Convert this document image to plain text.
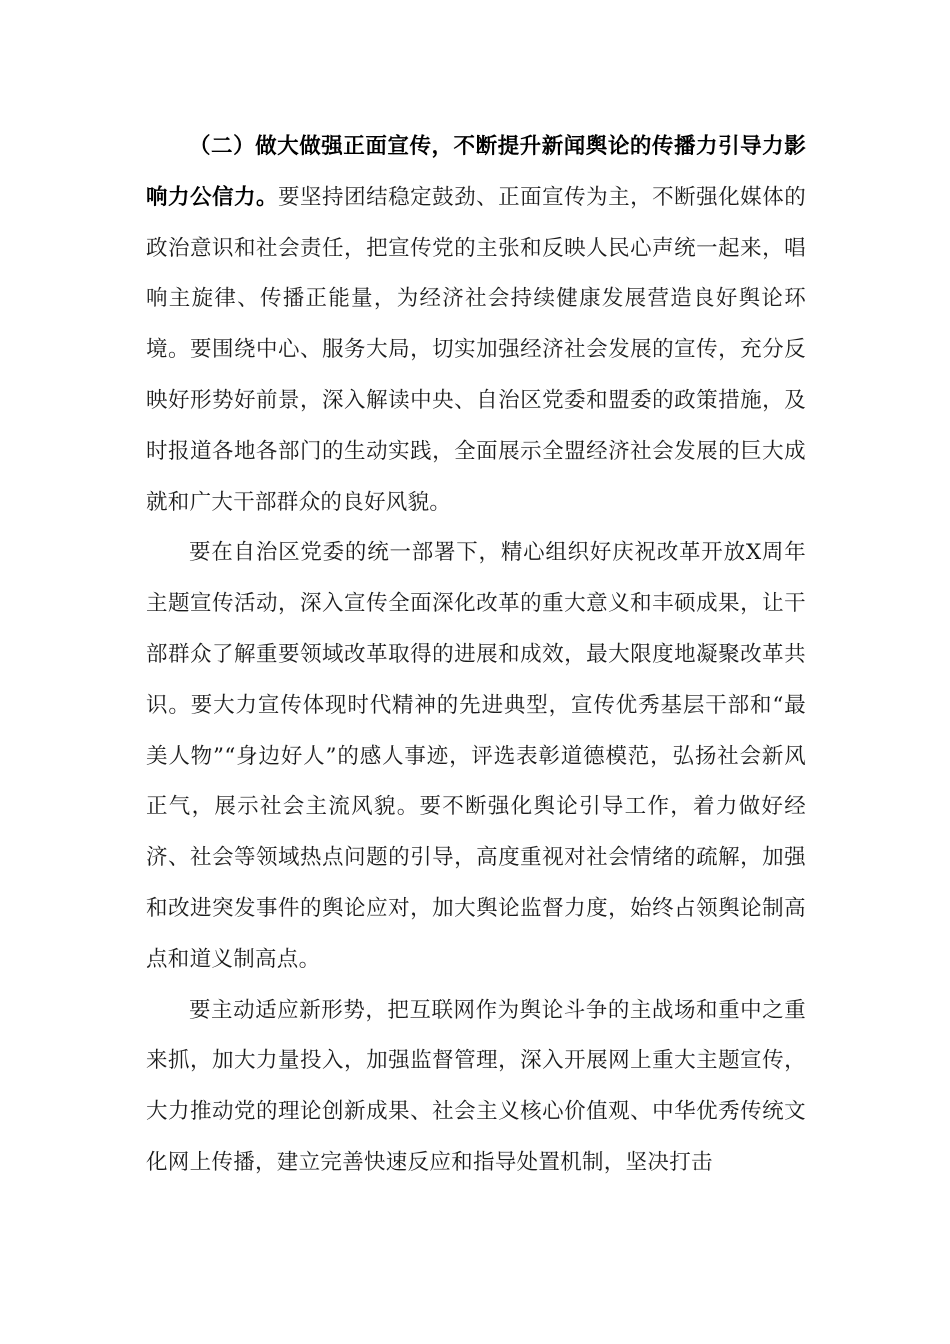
（二）做大做强正面宣传，不断提升新闻舆论的传播力引导力影响力公信力。要坚持团结稳定鼓劲、正面宣传为主，不断强化媒体的政治意识和社会责任，把宣传党的主张和反映人民心声统一起来，唱响主旋律、传播正能量，为经济社会持续健康发展营造良好舆论环境。要围绕中心、服务大局，切实加强经济社会发展的宣传，充分反映好形势好前景，深入解读中央、自治区党委和盟委的政策措施，及时报道各地各部门的生动实践，全面展示全盟经济社会发展的巨大成就和广大干部群众的良好风貌。

要在自治区党委的统一部署下，精心组织好庆祝改革开放X周年主题宣传活动，深入宣传全面深化改革的重大意义和丰硕成果，让干部群众了解重要领域改革取得的进展和成效，最大限度地凝聚改革共识。要大力宣传体现时代精神的先进典型，宣传优秀基层干部和“最美人物”“身边好人”的感人事迹，评选表彰道德模范，弘扬社会新风正气，展示社会主流风貌。要不断强化舆论引导工作，着力做好经济、社会等领域热点问题的引导，高度重视对社会情绪的疏解，加强和改进突发事件的舆论应对，加大舆论监督力度，始终占领舆论制高点和道义制高点。

要主动适应新形势，把互联网作为舆论斗争的主战场和重中之重来抓，加大力量投入，加强监督管理，深入开展网上重大主题宣传，大力推动党的理论创新成果、社会主义核心价值观、中华优秀传统文化网上传播，建立完善快速反应和指导处置机制，坚决打击
